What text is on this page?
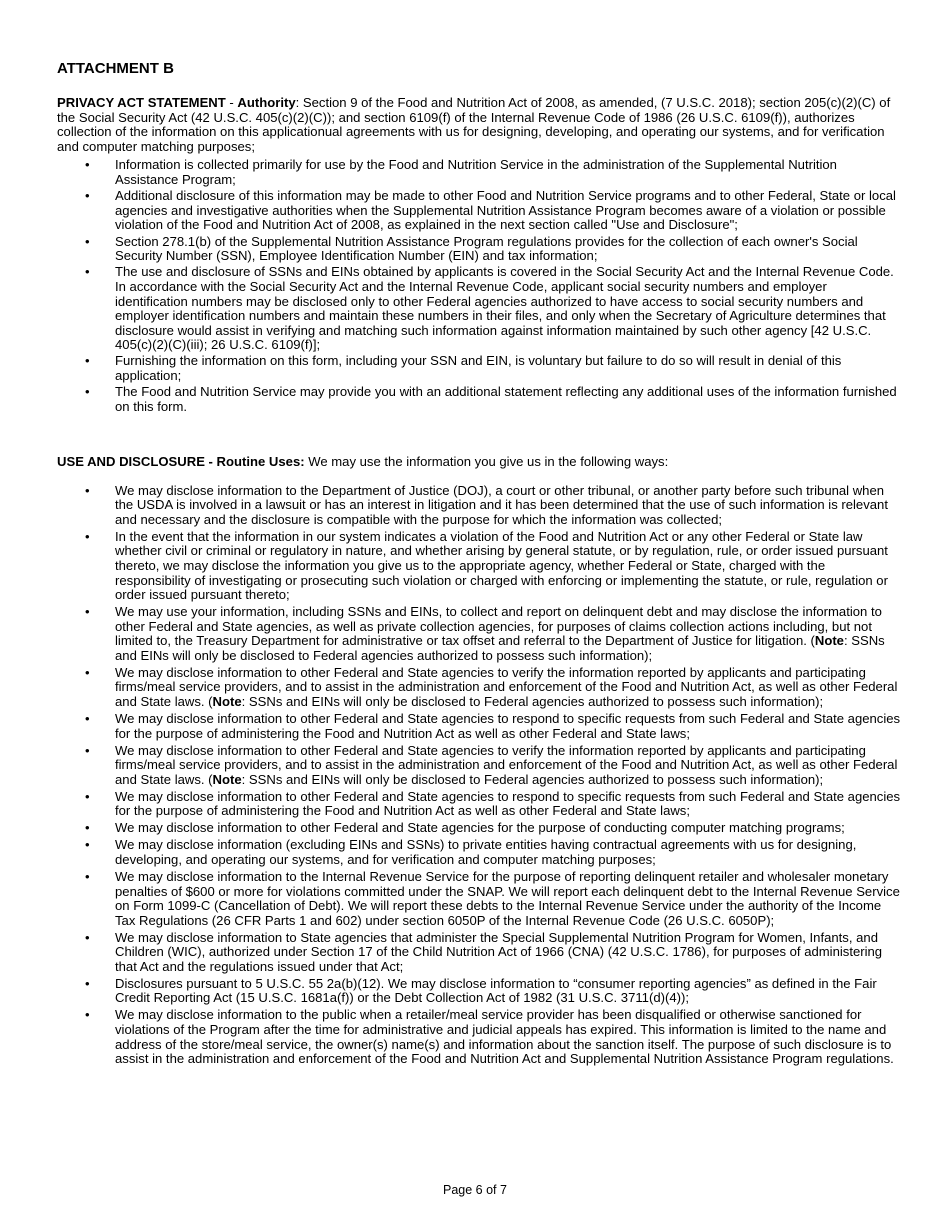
ATTACHMENT B

PRIVACY ACT STATEMENT - Authority: Section 9 of the Food and Nutrition Act of 2008, as amended, (7 U.S.C. 2018); section 205(c)(2)(C) of the Social Security Act (42 U.S.C. 405(c)(2)(C)); and section 6109(f) of the Internal Revenue Code of 1986 (26 U.S.C. 6109(f)), authorizes collection of the information on this applicationual agreements with us for designing, developing, and operating our systems, and for verification and computer matching purposes;

• Information is collected primarily for use by the Food and Nutrition Service in the administration of the Supplemental Nutrition Assistance Program;
• Additional disclosure of this information may be made to other Food and Nutrition Service programs and to other Federal, State or local agencies and investigative authorities when the Supplemental Nutrition Assistance Program becomes aware of a violation or possible violation of the Food and Nutrition Act of 2008, as explained in the next section called "Use and Disclosure";
• Section 278.1(b) of the Supplemental Nutrition Assistance Program regulations provides for the collection of each owner's Social Security Number (SSN), Employee Identification Number (EIN) and tax information;
• The use and disclosure of SSNs and EINs obtained by applicants is covered in the Social Security Act and the Internal Revenue Code. In accordance with the Social Security Act and the Internal Revenue Code, applicant social security numbers and employer identification numbers may be disclosed only to other Federal agencies authorized to have access to social security numbers and employer identification numbers and maintain these numbers in their files, and only when the Secretary of Agriculture determines that disclosure would assist in verifying and matching such information against information maintained by such other agency [42 U.S.C. 405(c)(2)(C)(iii); 26 U.S.C. 6109(f)];
• Furnishing the information on this form, including your SSN and EIN, is voluntary but failure to do so will result in denial of this application;
• The Food and Nutrition Service may provide you with an additional statement reflecting any additional uses of the information furnished on this form.

USE AND DISCLOSURE - Routine Uses: We may use the information you give us in the following ways:

• We may disclose information to the Department of Justice (DOJ), a court or other tribunal, or another party before such tribunal when the USDA is involved in a lawsuit or has an interest in litigation and it has been determined that the use of such information is relevant and necessary and the disclosure is compatible with the purpose for which the information was collected;
• In the event that the information in our system indicates a violation of the Food and Nutrition Act or any other Federal or State law whether civil or criminal or regulatory in nature, and whether arising by general statute, or by regulation, rule, or order issued pursuant thereto, we may disclose the information you give us to the appropriate agency, whether Federal or State, charged with the responsibility of investigating or prosecuting such violation or charged with enforcing or implementing the statute, or rule, regulation or order issued pursuant thereto;
• We may use your information, including SSNs and EINs, to collect and report on delinquent debt and may disclose the information to other Federal and State agencies, as well as private collection agencies, for purposes of claims collection actions including, but not limited to, the Treasury Department for administrative or tax offset and referral to the Department of Justice for litigation. (Note: SSNs and EINs will only be disclosed to Federal agencies authorized to possess such information);
• We may disclose information to other Federal and State agencies to verify the information reported by applicants and participating firms/meal service providers, and to assist in the administration and enforcement of the Food and Nutrition Act, as well as other Federal and State laws. (Note: SSNs and EINs will only be disclosed to Federal agencies authorized to possess such information);
• We may disclose information to other Federal and State agencies to respond to specific requests from such Federal and State agencies for the purpose of administering the Food and Nutrition Act as well as other Federal and State laws;
• We may disclose information to other Federal and State agencies to verify the information reported by applicants and participating firms/meal service providers, and to assist in the administration and enforcement of the Food and Nutrition Act, as well as other Federal and State laws. (Note: SSNs and EINs will only be disclosed to Federal agencies authorized to possess such information);
• We may disclose information to other Federal and State agencies to respond to specific requests from such Federal and State agencies for the purpose of administering the Food and Nutrition Act as well as other Federal and State laws;
• We may disclose information to other Federal and State agencies for the purpose of conducting computer matching programs;
• We may disclose information (excluding EINs and SSNs) to private entities having contractual agreements with us for designing, developing, and operating our systems, and for verification and computer matching purposes;
• We may disclose information to the Internal Revenue Service for the purpose of reporting delinquent retailer and wholesaler monetary penalties of $600 or more for violations committed under the SNAP. We will report each delinquent debt to the Internal Revenue Service on Form 1099-C (Cancellation of Debt). We will report these debts to the Internal Revenue Service under the authority of the Income Tax Regulations (26 CFR Parts 1 and 602) under section 6050P of the Internal Revenue Code (26 U.S.C. 6050P);
• We may disclose information to State agencies that administer the Special Supplemental Nutrition Program for Women, Infants, and Children (WIC), authorized under Section 17 of the Child Nutrition Act of 1966 (CNA) (42 U.S.C. 1786), for purposes of administering that Act and the regulations issued under that Act;
• Disclosures pursuant to 5 U.S.C. 55 2a(b)(12). We may disclose information to “consumer reporting agencies” as defined in the Fair Credit Reporting Act (15 U.S.C. 1681a(f)) or the Debt Collection Act of 1982 (31 U.S.C. 3711(d)(4));
• We may disclose information to the public when a retailer/meal service provider has been disqualified or otherwise sanctioned for violations of the Program after the time for administrative and judicial appeals has expired. This information is limited to the name and address of the store/meal service, the owner(s) name(s) and information about the sanction itself. The purpose of such disclosure is to assist in the administration and enforcement of the Food and Nutrition Act and Supplemental Nutrition Assistance Program regulations.
Page 6 of 7
